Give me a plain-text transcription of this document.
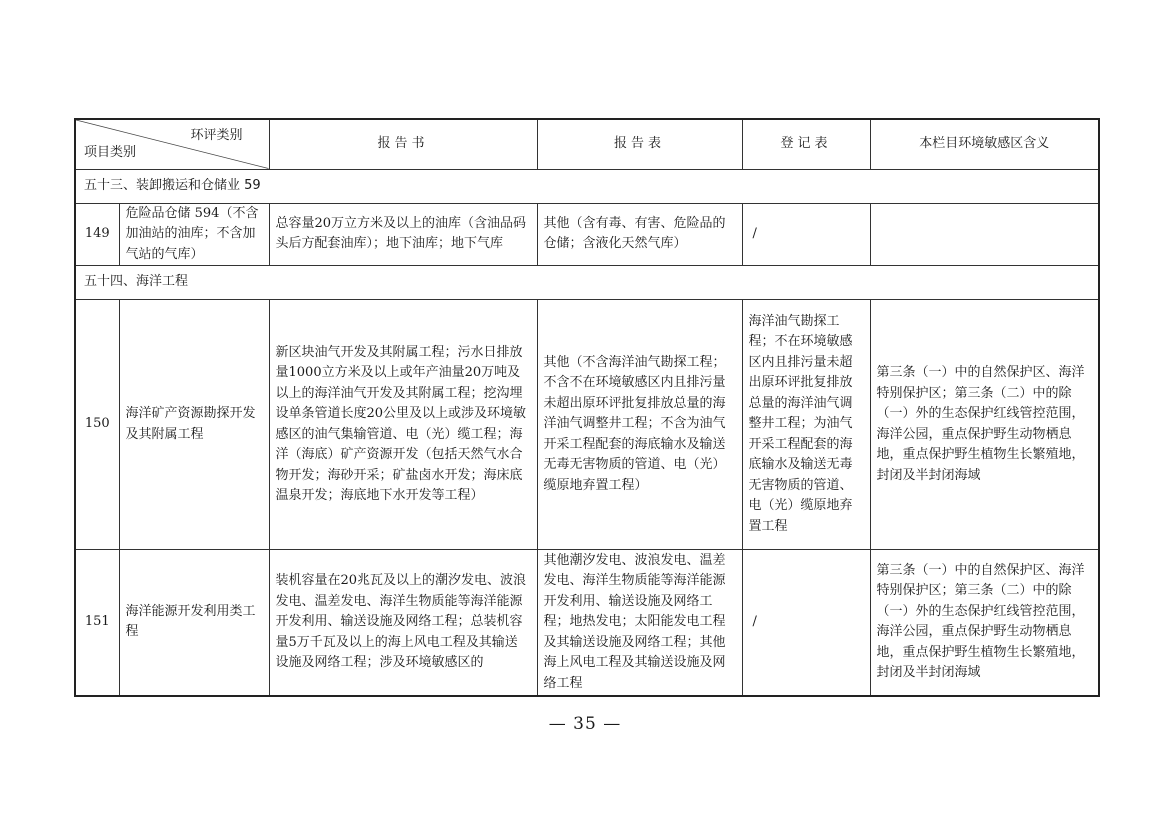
环评类别
项目类别		报告书	报告表	登记表	本栏目环境敏感区含义
五十三、装卸搬运和仓储业 59					
149	危险品仓储 594（不含加油站的油库；不含加气站的气库）	总容量20万立方米及以上的油库（含油品码头后方配套油库）；地下油库；地下气库	其他（含有毒、有害、危险品的仓储；含液化天然气库）	/	
五十四、海洋工程					
150	海洋矿产资源勘探开发及其附属工程	新区块油气开发及其附属工程；污水日排放量1000立方米及以上或年产油量20万吨及以上的海洋油气开发及其附属工程；挖沟埋设单条管道长度20公里及以上或涉及环境敏感区的油气集输管道、电（光）缆工程；海洋（海底）矿产资源开发（包括天然气水合物开发；海砂开采；矿盐卤水开发；海床底温泉开发；海底地下水开发等工程）	其他（不含海洋油气勘探工程；不含不在环境敏感区内且排污量未超出原环评批复排放总量的海洋油气调整井工程；不含为油气开采工程配套的海底输水及输送无毒无害物质的管道、电（光）缆原地弃置工程）	海洋油气勘探工程；不在环境敏感区内且排污量未超出原环评批复排放总量的海洋油气调整井工程；为油气开采工程配套的海底输水及输送无毒无害物质的管道、电（光）缆原地弃置工程	第三条（一）中的自然保护区、海洋特别保护区；第三条（二）中的除（一）外的生态保护红线管控范围，海洋公园，重点保护野生动物栖息地，重点保护野生植物生长繁殖地，封闭及半封闭海域
151	海洋能源开发利用类工程	装机容量在20兆瓦及以上的潮汐发电、波浪发电、温差发电、海洋生物质能等海洋能源开发利用、输送设施及网络工程；总装机容量5万千瓦及以上的海上风电工程及其输送设施及网络工程；涉及环境敏感区的	其他潮汐发电、波浪发电、温差发电、海洋生物质能等海洋能源开发利用、输送设施及网络工程；地热发电；太阳能发电工程及其输送设施及网络工程；其他海上风电工程及其输送设施及网络工程	/	第三条（一）中的自然保护区、海洋特别保护区；第三条（二）中的除（一）外的生态保护红线管控范围，海洋公园，重点保护野生动物栖息地，重点保护野生植物生长繁殖地，封闭及半封闭海域
— 35 —
